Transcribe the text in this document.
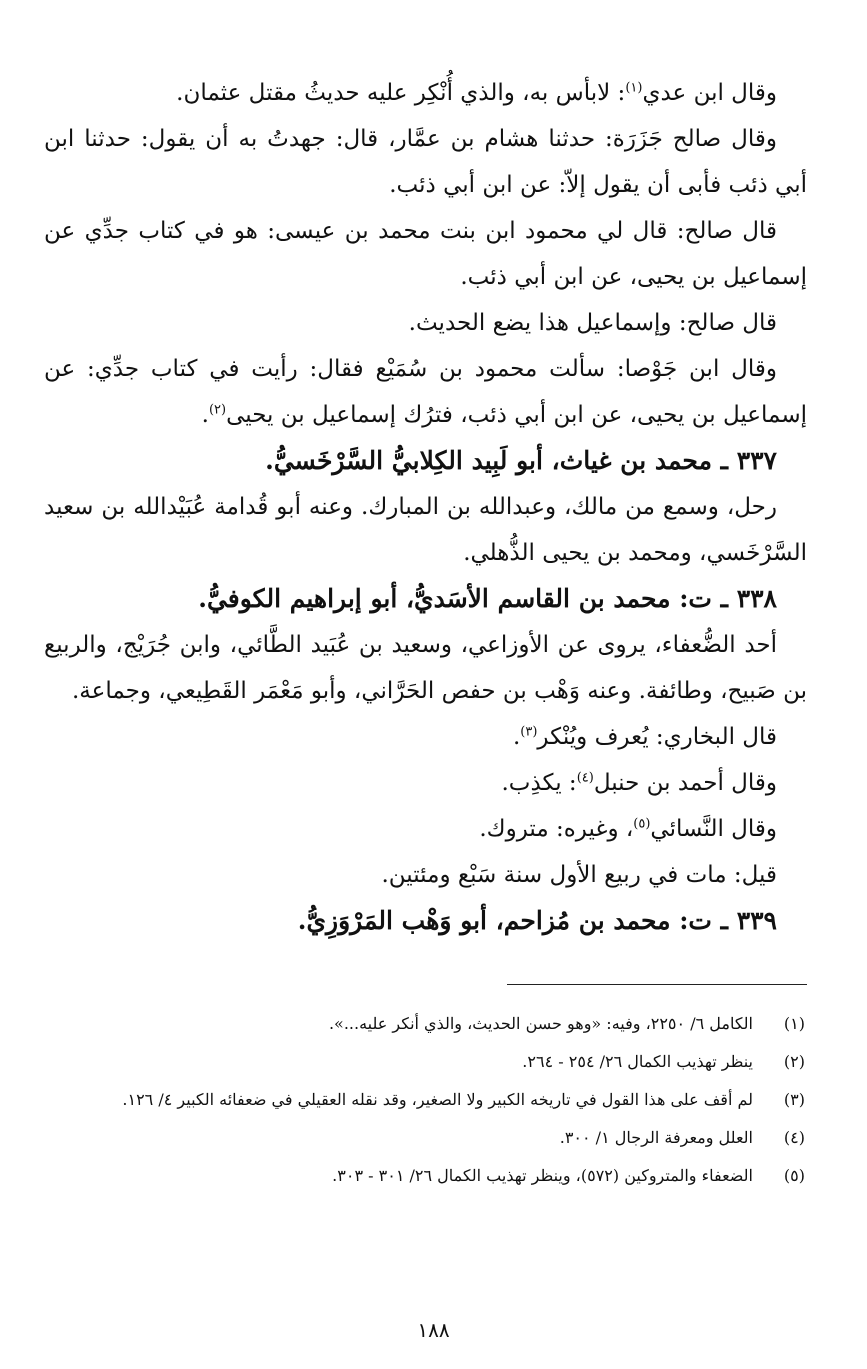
وقال ابن عدي$^{(١)}$: لابأس به، والذي أُنْكِر عليه حديثُ مقتل عثمان.

وقال صالح جَزَرَة: حدثنا هشام بن عمَّار، قال: جهدتُ به أن يقول: حدثنا ابن أبي ذئب فأبى أن يقول إلاّ: عن ابن أبي ذئب.

قال صالح: قال لي محمود ابن بنت محمد بن عيسى: هو في كتاب جدِّي عن إسماعيل بن يحيى، عن ابن أبي ذئب.

قال صالح: وإسماعيل هذا يضع الحديث.

وقال ابن جَوْصا: سألت محمود بن سُمَيْع فقال: رأيت في كتاب جدِّي: عن إسماعيل بن يحيى، عن ابن أبي ذئب، فترُك إسماعيل بن يحيى$^{(٢)}$.

٣٣٧ ـ محمد بن غياث، أبو لَبِيد الكِلابيُّ السَّرْخَسيُّ.

رحل، وسمع من مالك، وعبدالله بن المبارك. وعنه أبو قُدامة عُبَيْدالله بن سعيد السَّرْخَسي، ومحمد بن يحيى الذُّهلي.

٣٣٨ ـ ت: محمد بن القاسم الأسَديُّ، أبو إبراهيم الكوفيُّ.

أحد الضُّعفاء، يروى عن الأوزاعي، وسعيد بن عُبَيد الطَّائي، وابن جُرَيْج، والربيع بن صَبيح، وطائفة. وعنه وَهْب بن حفص الحَرَّاني، وأبو مَعْمَر القَطِيعي، وجماعة.

قال البخاري: يُعرف ويُنْكر$^{(٣)}$.

وقال أحمد بن حنبل$^{(٤)}$: يكذِب.

وقال النَّسائي$^{(٥)}$، وغيره: متروك.

قيل: مات في ربيع الأول سنة سَبْع ومئتين.

٣٣٩ ـ ت: محمد بن مُزاحم، أبو وَهْب المَرْوَزِيُّ.

(١)
الكامل ٦/ ٢٢٥٠، وفيه: «وهو حسن الحديث، والذي أنكر عليه...».
(٢)
ينظر تهذيب الكمال ٢٦/ ٢٥٤ - ٢٦٤.
(٣)
لم أقف على هذا القول في تاريخه الكبير ولا الصغير، وقد نقله العقيلي في ضعفائه الكبير ٤/ ١٢٦.
(٤)
العلل ومعرفة الرجال ١/ ٣٠٠.
(٥)
الضعفاء والمتروكين (٥٧٢)، وينظر تهذيب الكمال ٢٦/ ٣٠١ - ٣٠٣.
١٨٨
